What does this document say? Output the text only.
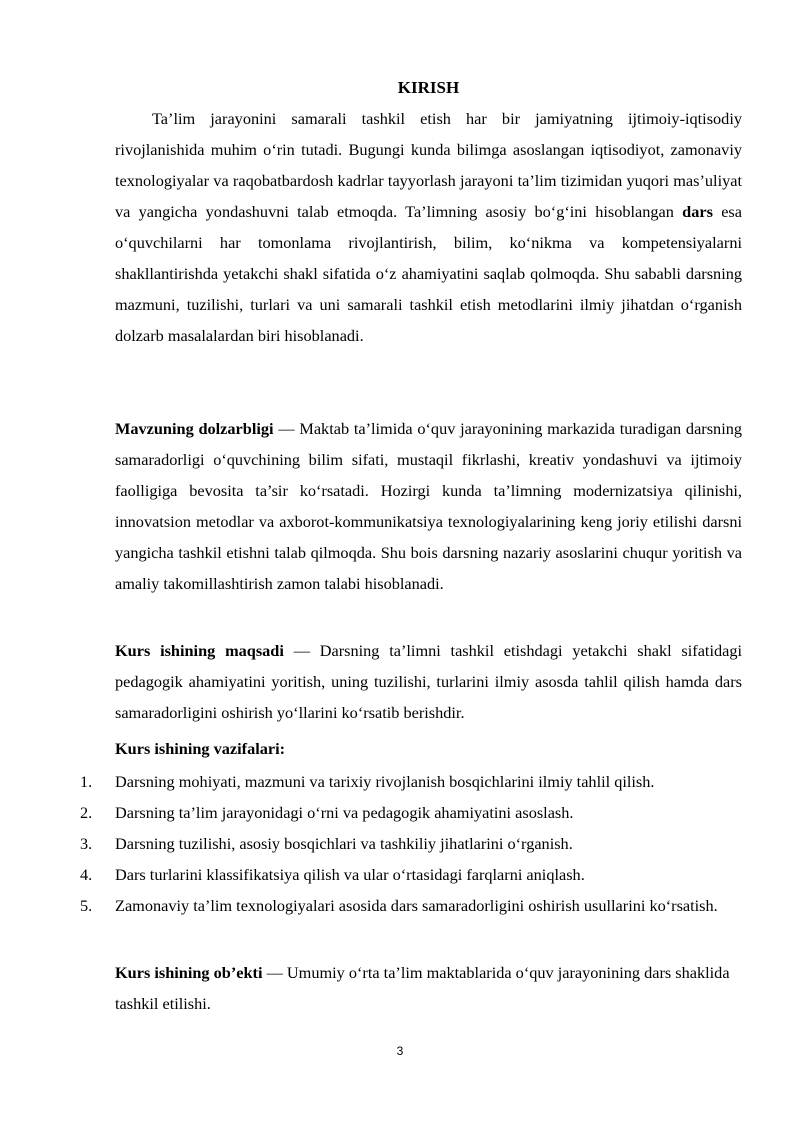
KIRISH

Ta’lim jarayonini samarali tashkil etish har bir jamiyatning ijtimoiy-iqtisodiy rivojlanishida muhim o‘rin tutadi. Bugungi kunda bilimga asoslangan iqtisodiyot, zamonaviy texnologiyalar va raqobatbardosh kadrlar tayyorlash jarayoni ta’lim tizimidan yuqori mas’uliyat va yangicha yondashuvni talab etmoqda. Ta’limning asosiy bo‘g‘ini hisoblangan dars esa o‘quvchilarni har tomonlama rivojlantirish, bilim, ko‘nikma va kompetensiyalarni shakllantirishda yetakchi shakl sifatida o‘z ahamiyatini saqlab qolmoqda. Shu sababli darsning mazmuni, tuzilishi, turlari va uni samarali tashkil etish metodlarini ilmiy jihatdan o‘rganish dolzarb masalalardan biri hisoblanadi.

Mavzuning dolzarbligi — Maktab ta’limida o‘quv jarayonining markazida turadigan darsning samaradorligi o‘quvchining bilim sifati, mustaqil fikrlashi, kreativ yondashuvi va ijtimoiy faolligiga bevosita ta’sir ko‘rsatadi. Hozirgi kunda ta’limning modernizatsiya qilinishi, innovatsion metodlar va axborot-kommunikatsiya texnologiyalarining keng joriy etilishi darsni yangicha tashkil etishni talab qilmoqda. Shu bois darsning nazariy asoslarini chuqur yoritish va amaliy takomillashtirish zamon talabi hisoblanadi.

Kurs ishining maqsadi — Darsning ta’limni tashkil etishdagi yetakchi shakl sifatidagi pedagogik ahamiyatini yoritish, uning tuzilishi, turlarini ilmiy asosda tahlil qilish hamda dars samaradorligini oshirish yo‘llarini ko‘rsatib berishdir.

Kurs ishining vazifalari:

1.	Darsning mohiyati, mazmuni va tarixiy rivojlanish bosqichlarini ilmiy tahlil qilish.
2.	Darsning ta’lim jarayonidagi o‘rni va pedagogik ahamiyatini asoslash.
3.	Darsning tuzilishi, asosiy bosqichlari va tashkiliy jihatlarini o‘rganish.
4.	Dars turlarini klassifikatsiya qilish va ular o‘rtasidagi farqlarni aniqlash.
5.	Zamonaviy ta’lim texnologiyalari asosida dars samaradorligini oshirish usullarini ko‘rsatish.

Kurs ishining ob’ekti — Umumiy o‘rta ta’lim maktablarida o‘quv jarayonining dars shaklida tashkil etilishi.

3
